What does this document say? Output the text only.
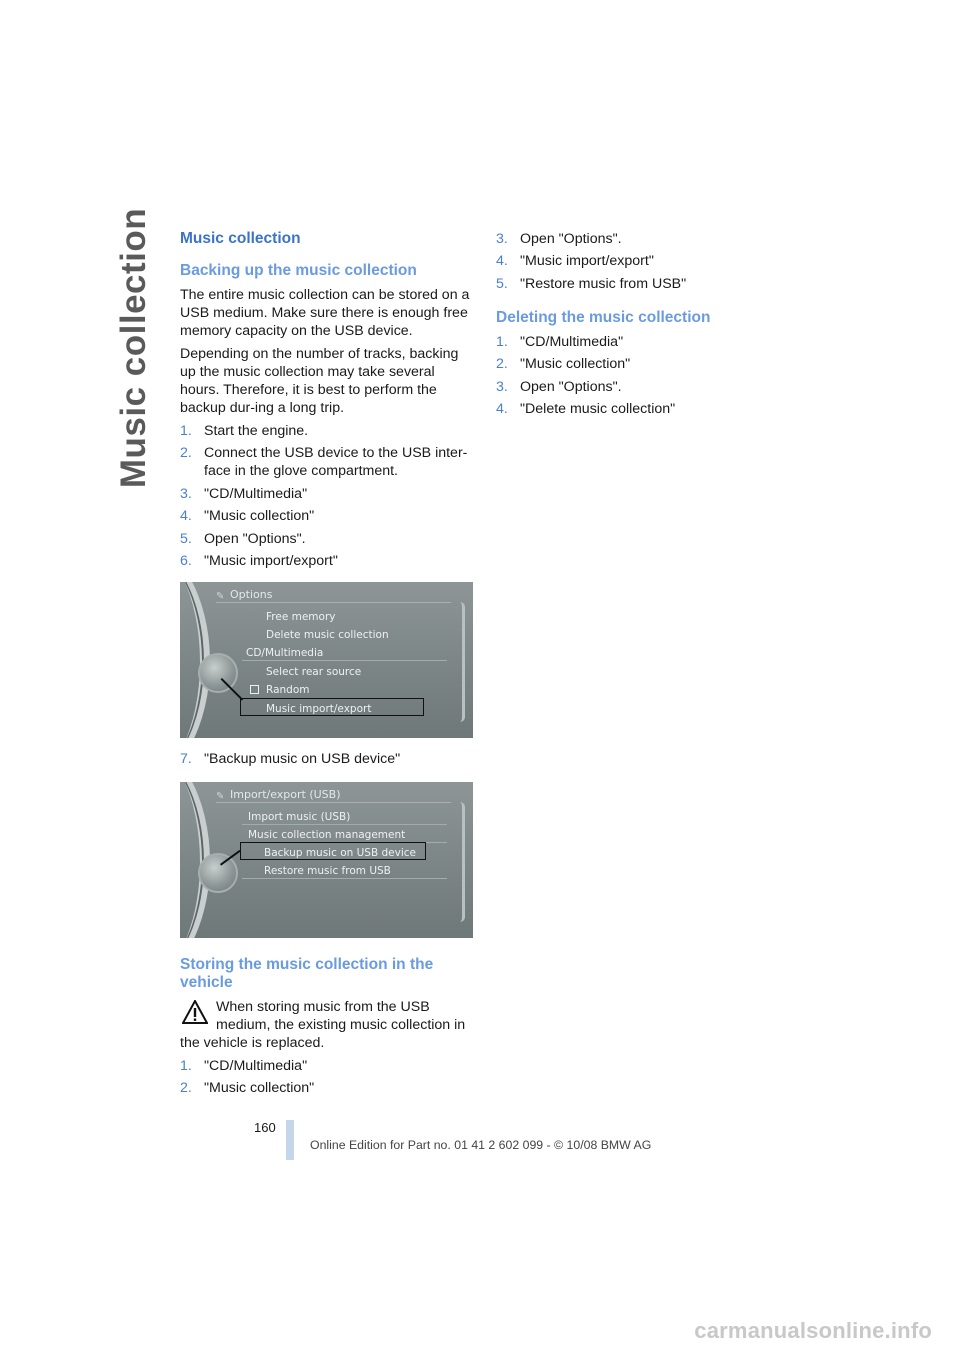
Music collection Music collection
Backing up the music collection

The entire music collection can be stored on a USB medium. Make sure there is enough free memory capacity on the USB device.

Depending on the number of tracks, backing up the music collection may take several hours. Therefore, it is best to perform the backup dur-ing a long trip.

1. Start the engine.
2. Connect the USB device to the USB inter-face in the glove compartment.
3. "CD/Multimedia"
4. "Music collection"
5. Open "Options".
6. "Music import/export"
✎ Options
Free memory
Delete music collection
CD/Multimedia
Select rear source
Random
Music import/export
7. "Backup music on USB device"
✎ Import/export (USB)
Import music (USB)
Music collection management
Backup music on USB device
Restore music from USB
Storing the music collection in the vehicle
When storing music from the USB
medium, the existing music collection in
the vehicle is replaced.
1. "CD/Multimedia"
2. "Music collection"
3. Open "Options".
4. "Music import/export"
5. "Restore music from USB"
Deleting the music collection
1. "CD/Multimedia"
2. "Music collection"
3. Open "Options".
4. "Delete music collection"
160
Online Edition for Part no. 01 41 2 602 099 - © 10/08 BMW AG
carmanualsonline.info
